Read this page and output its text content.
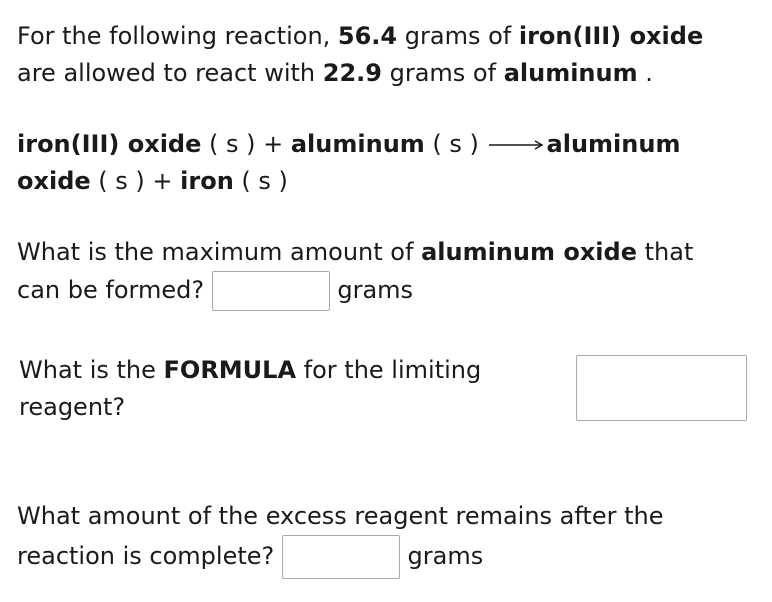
For the following reaction, 56.4 grams of iron(III) oxide
are allowed to react with 22.9 grams of aluminum .
iron(III) oxide ( s ) + aluminum ( s ) → aluminum
oxide ( s ) + iron ( s )
What is the maximum amount of aluminum oxide that
can be formed?	grams
What is the FORMULA for the limiting
reagent?
What amount of the excess reagent remains after the
reaction is complete?	grams
